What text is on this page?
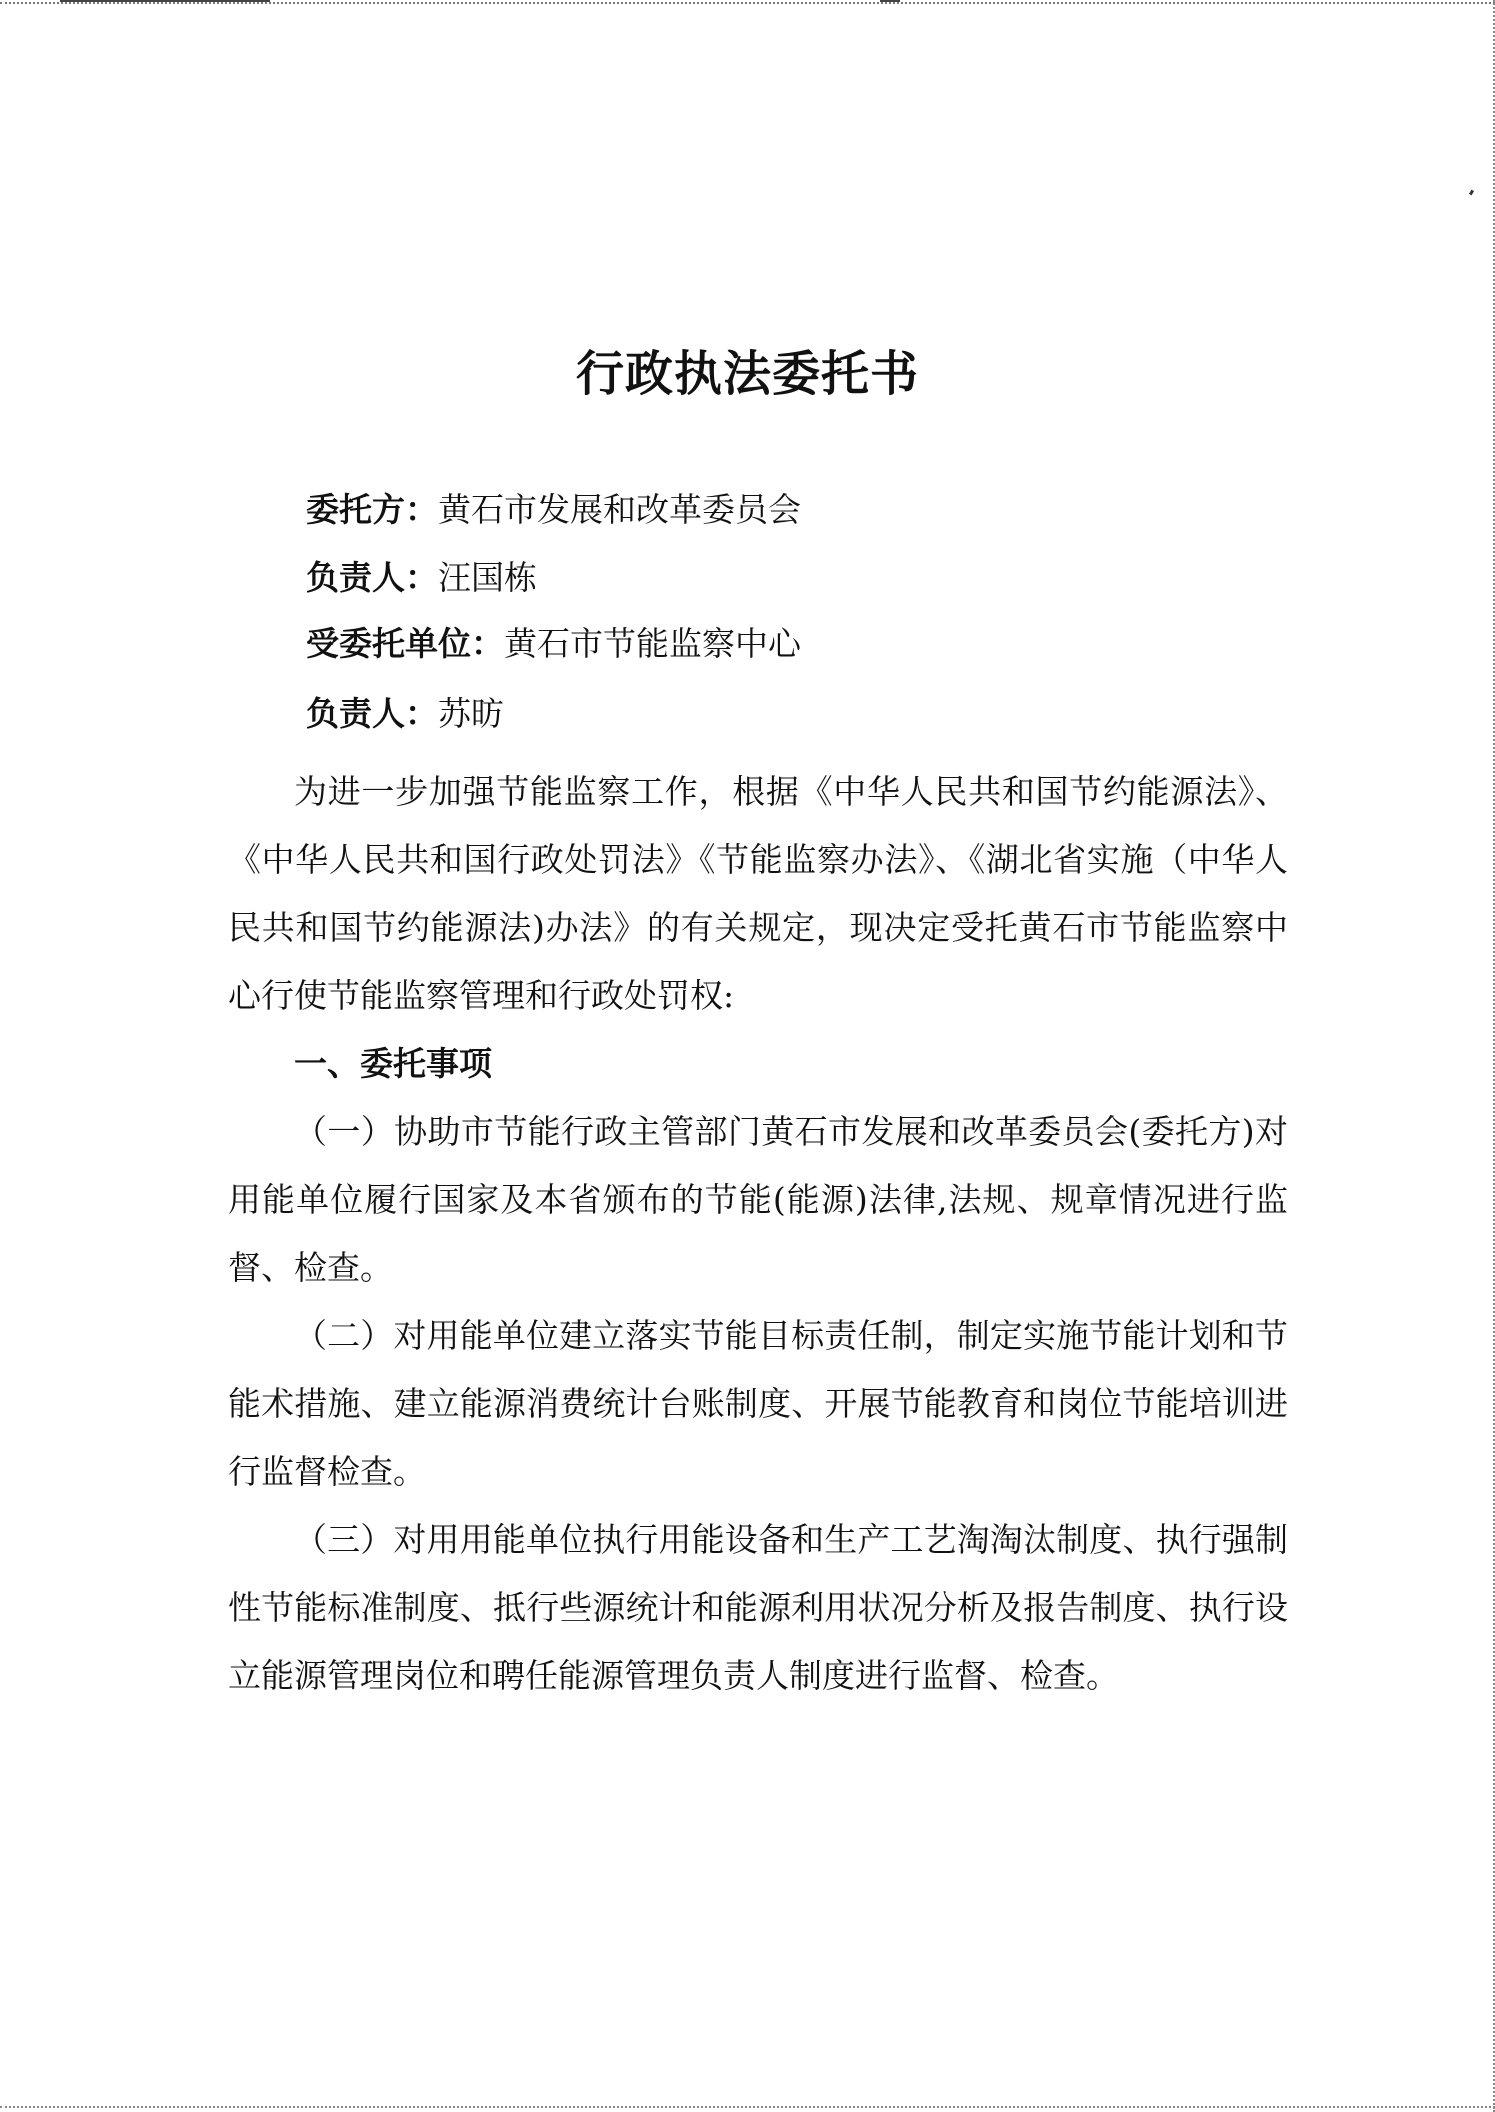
行政执法委托书
委托方：黄石市发展和改革委员会
负责人：汪国栋
受委托单位：黄石市节能监察中心
负责人：苏昉

为进一步加强节能监察工作，根据《中华人民共和国节约能源法》、《中华人民共和国行政处罚法》《节能监察办法》、《湖北省实施（中华人民共和国节约能源法)办法》的有关规定，现决定受托黄石市节能监察中心行使节能监察管理和行政处罚权:

一、委托事项

（一）协助市节能行政主管部门黄石市发展和改革委员会(委托方)对用能单位履行国家及本省颁布的节能(能源)法律,法规、规章情况进行监督、检查。

（二）对用能单位建立落实节能目标责任制，制定实施节能计划和节能术措施、建立能源消费统计台账制度、开展节能教育和岗位节能培训进行监督检查。

（三）对用用能单位执行用能设备和生产工艺淘淘汰制度、执行强制性节能标准制度、抵行些源统计和能源利用状况分析及报告制度、执行设立能源管理岗位和聘任能源管理负责人制度进行监督、检查。
